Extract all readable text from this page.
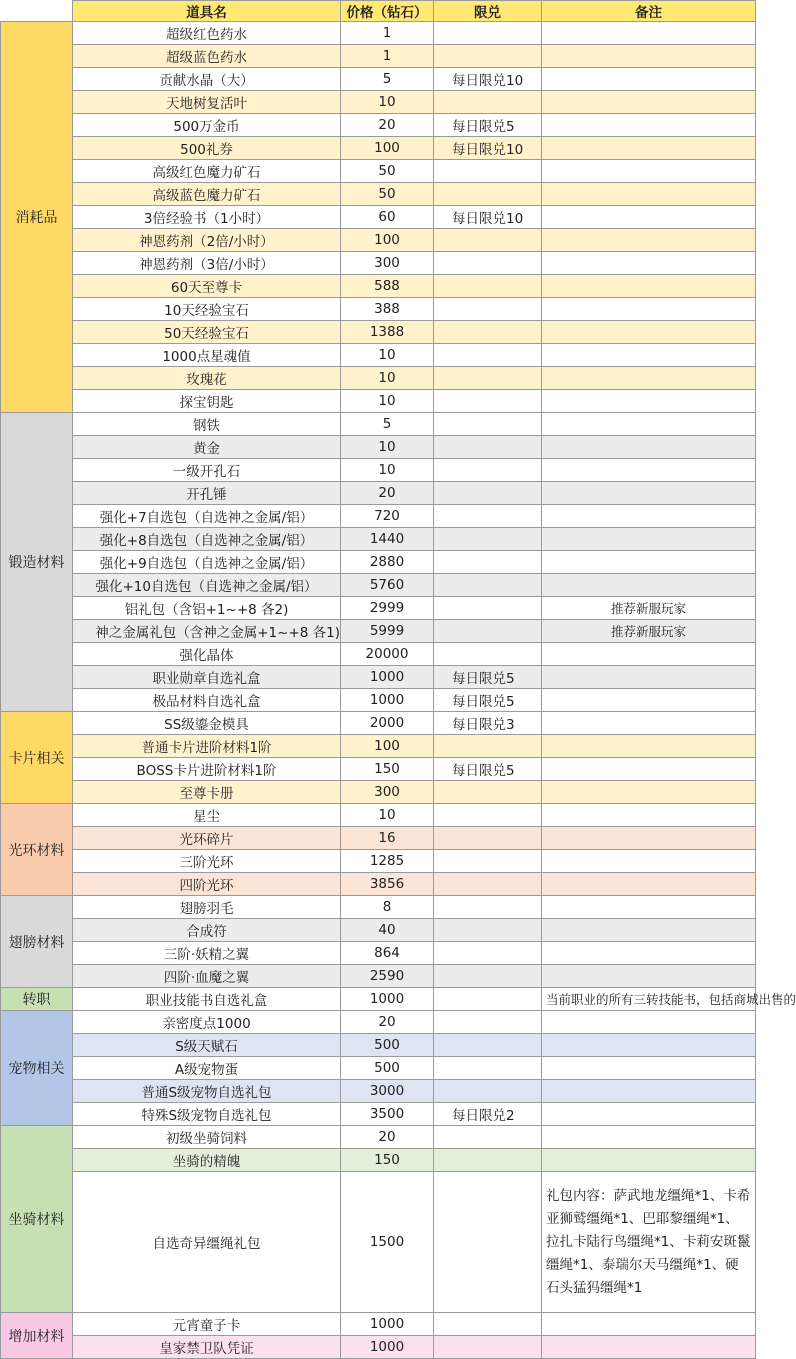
	道具名	价格（钻石）	限兑	备注
消耗品	超级红色药水	1		
	超级蓝色药水	1		
	贡献水晶（大）	5	每日限兑10	
	天地树复活叶	10		
	500万金币	20	每日限兑5	
	500礼券	100	每日限兑10	
	高级红色魔力矿石	50		
	高级蓝色魔力矿石	50		
	3倍经验书（1小时）	60	每日限兑10	
	神恩药剂（2倍/小时）	100		
	神恩药剂（3倍/小时）	300		
	60天至尊卡	588		
	10天经验宝石	388		
	50天经验宝石	1388		
	1000点星魂值	10		
	玫瑰花	10		
	探宝钥匙	10		
锻造材料	钢铁	5		
	黄金	10		
	一级开孔石	10		
	开孔锤	20		
	强化+7自选包（自选神之金属/铝）	720		
	强化+8自选包（自选神之金属/铝）	1440		
	强化+9自选包（自选神之金属/铝）	2880		
	强化+10自选包（自选神之金属/铝）	5760		
	铝礼包（含铝+1~+8 各2)	2999		推荐新服玩家
	神之金属礼包（含神之金属+1~+8 各1)	5999		推荐新服玩家
	强化晶体	20000		
	职业勋章自选礼盒	1000	每日限兑5	
	极品材料自选礼盒	1000	每日限兑5	
卡片相关	SS级鎏金模具	2000	每日限兑3	
	普通卡片进阶材料1阶	100		
	BOSS卡片进阶材料1阶	150	每日限兑5	
	至尊卡册	300		
光环材料	星尘	10		
	光环碎片	16		
	三阶光环	1285		
	四阶光环	3856		
翅膀材料	翅膀羽毛	8		
	合成符	40		
	三阶·妖精之翼	864		
	四阶·血魔之翼	2590		
转职	职业技能书自选礼盒	1000		当前职业的所有三转技能书，包括商城出售的
宠物相关	亲密度点1000	20		
	S级天赋石	500		
	A级宠物蛋	500		
	普通S级宠物自选礼包	3000		
	特殊S级宠物自选礼包	3500	每日限兑2	
坐骑材料	初级坐骑饲料	20		
	坐骑的精魄	150		
	自选奇异缰绳礼包	1500		礼包内容：萨武地龙缰绳*1、卡希亚狮鹫缰绳*1、巴耶黎缰绳*1、拉扎卡陆行鸟缰绳*1、卡莉安斑鬣缰绳*1、泰瑞尔天马缰绳*1、硬石头猛犸缰绳*1
增加材料	元宵童子卡	1000		
	皇家禁卫队凭证	1000		
